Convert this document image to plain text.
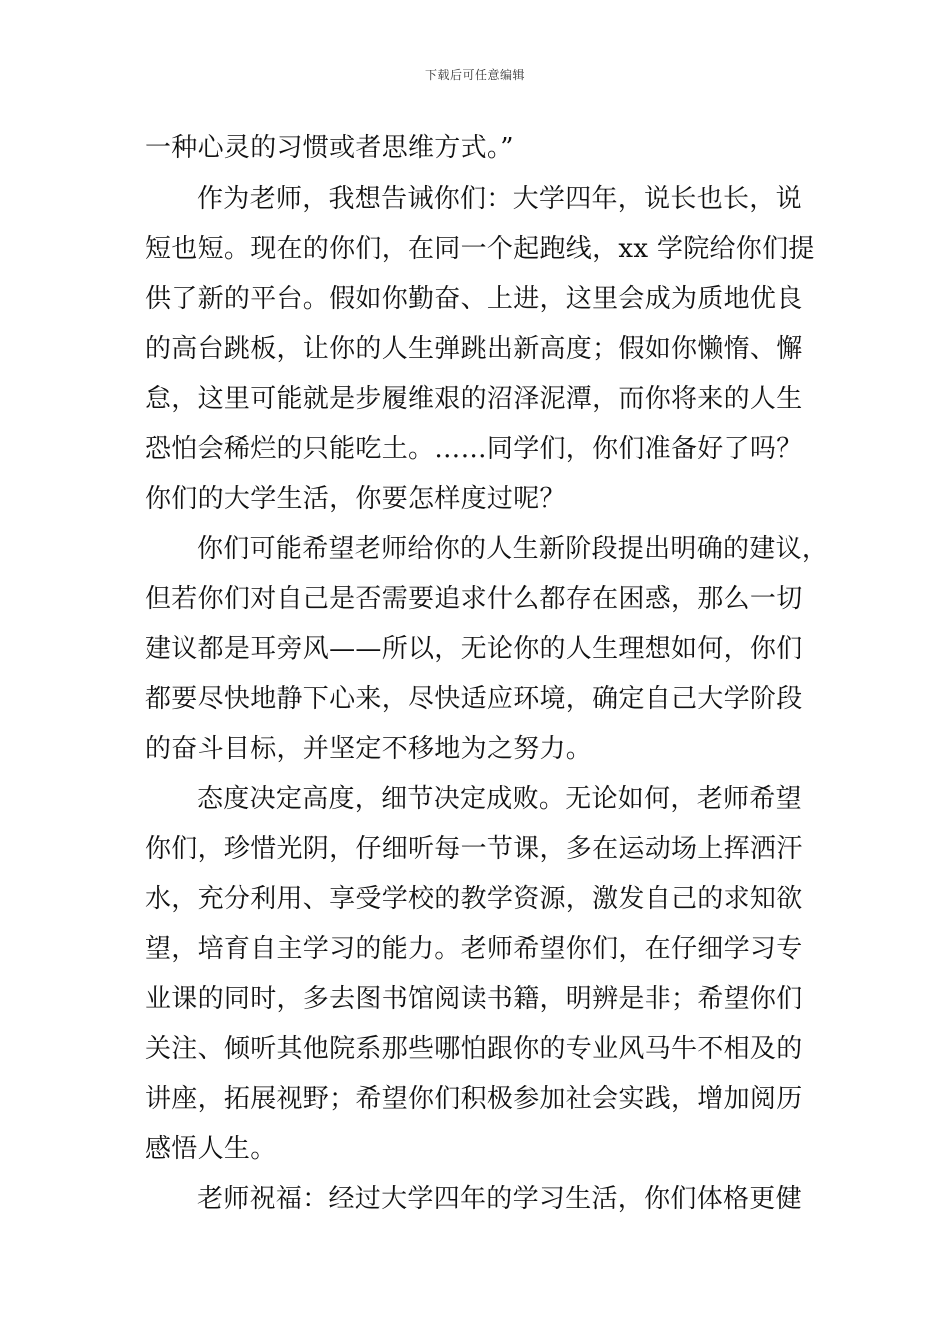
下载后可任意编辑
一种心灵的习惯或者思维方式。”
作为老师，我想告诫你们：大学四年，说长也长，说
短也短。现在的你们，在同一个起跑线，xx 学院给你们提
供了新的平台。假如你勤奋、上进，这里会成为质地优良
的高台跳板，让你的人生弹跳出新高度；假如你懒惰、懈
怠，这里可能就是步履维艰的沼泽泥潭，而你将来的人生
恐怕会稀烂的只能吃土。……同学们，你们准备好了吗？
你们的大学生活，你要怎样度过呢？
你们可能希望老师给你的人生新阶段提出明确的建议，
但若你们对自己是否需要追求什么都存在困惑，那么一切
建议都是耳旁风——所以，无论你的人生理想如何，你们
都要尽快地静下心来，尽快适应环境，确定自己大学阶段
的奋斗目标，并坚定不移地为之努力。
态度决定高度，细节决定成败。无论如何，老师希望
你们，珍惜光阴，仔细听每一节课，多在运动场上挥洒汗
水，充分利用、享受学校的教学资源，激发自己的求知欲
望，培育自主学习的能力。老师希望你们，在仔细学习专
业课的同时，多去图书馆阅读书籍，明辨是非；希望你们
关注、倾听其他院系那些哪怕跟你的专业风马牛不相及的
讲座，拓展视野；希望你们积极参加社会实践，增加阅历
感悟人生。
老师祝福：经过大学四年的学习生活，你们体格更健
